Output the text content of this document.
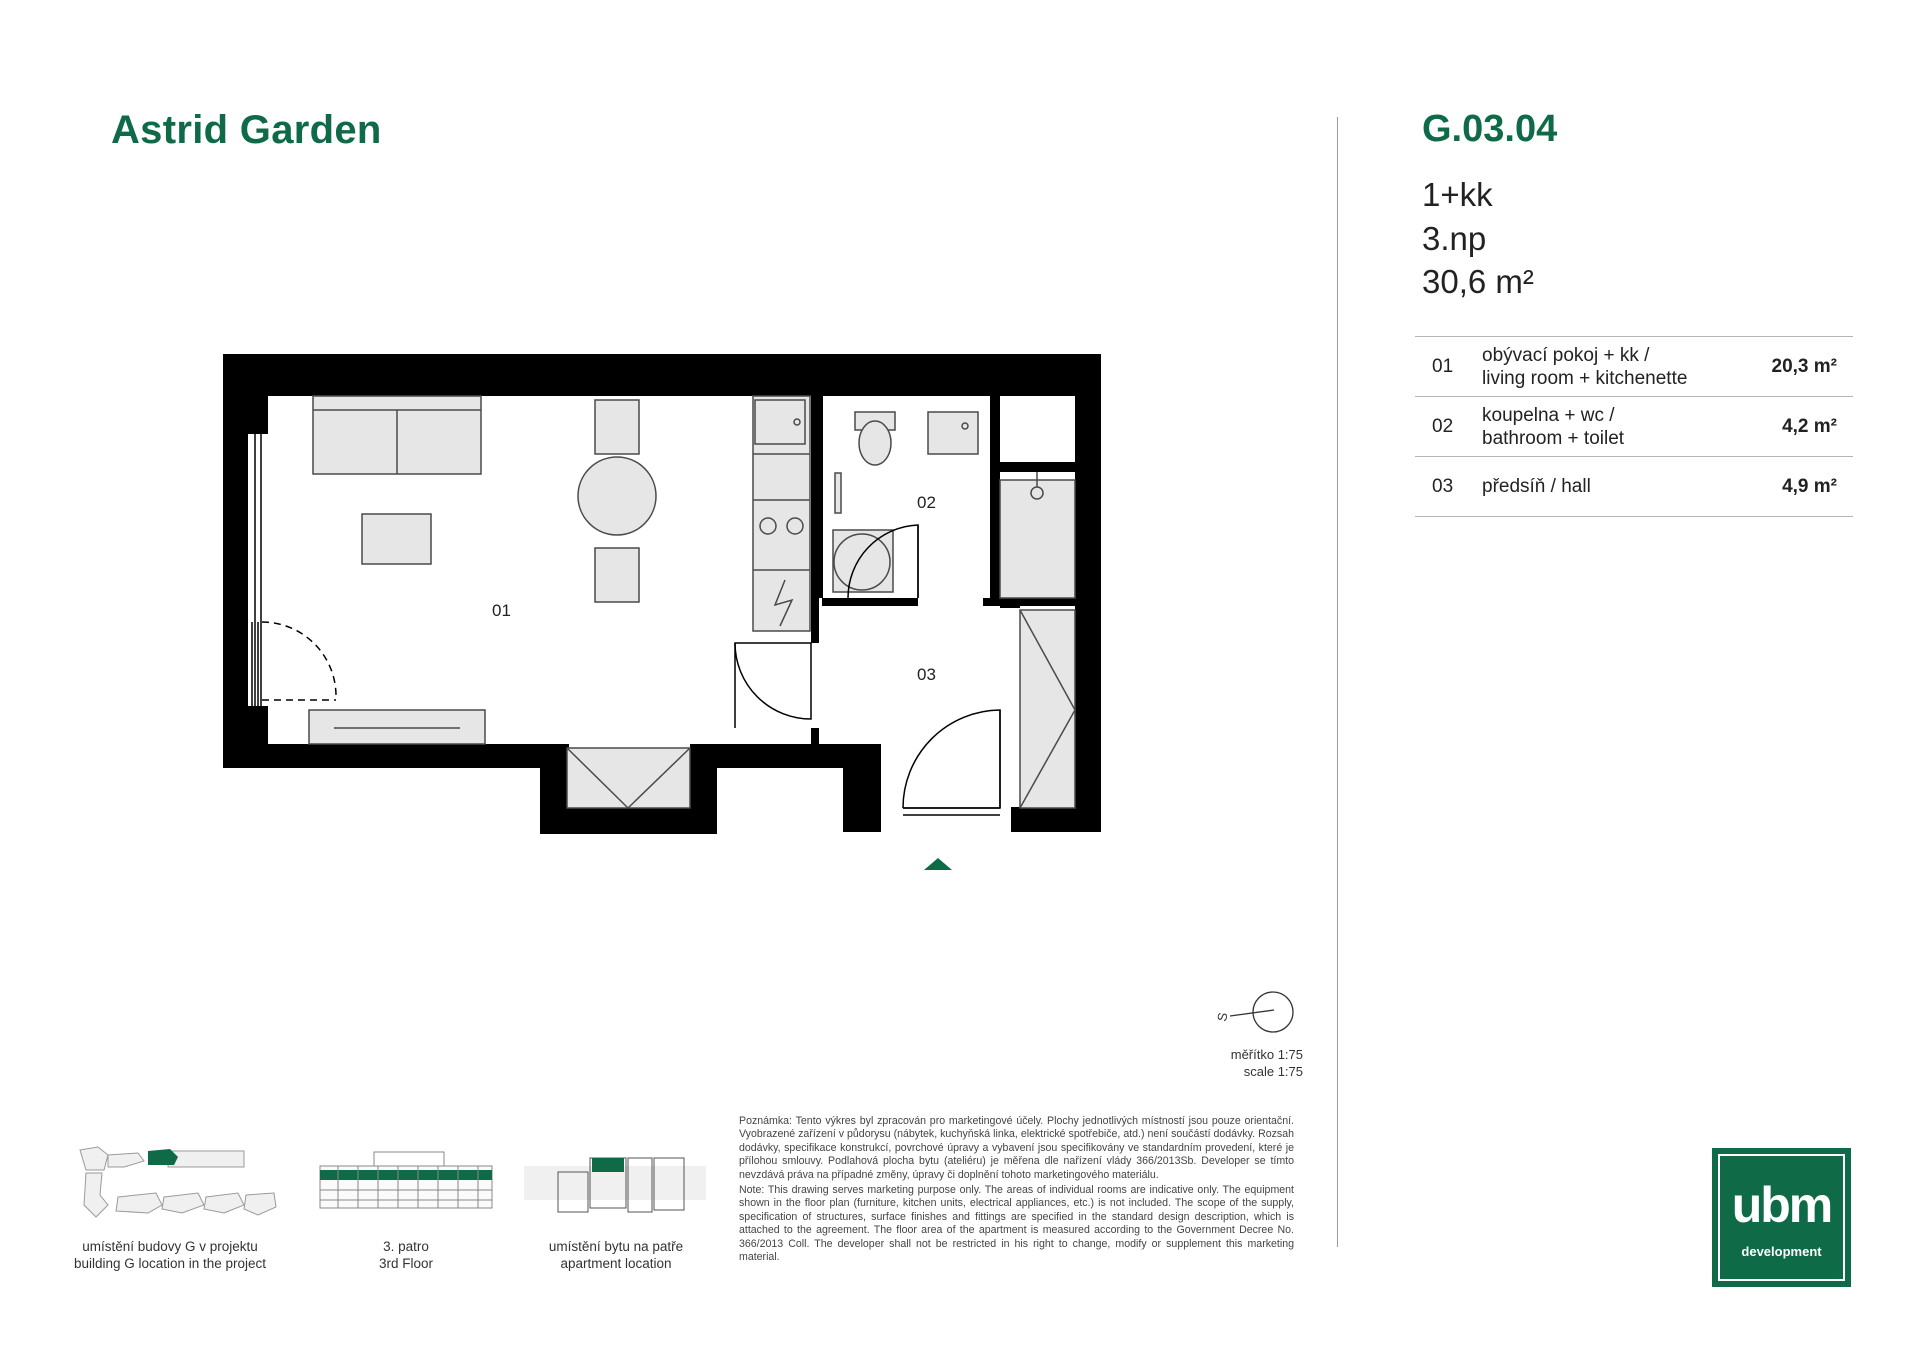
Astrid Garden	G.03.04
1+kk
3.np
30,6 m²
01	obývací pokoj + kk /
living room + kitchenette	20,3 m²
02	koupelna + wc /
bathroom + toilet	4,2 m²
03	předsíň / hall	4,9 m²
01
02
03
S
měřítko 1:75
scale 1:75
umístění budovy G v projektu
building G location in the project
3. patro
3rd Floor
umístění bytu na patře
apartment location

Poznámka: Tento výkres byl zpracován pro marketingové účely. Plochy jednotlivých místností jsou pouze orientační. Vyobrazené zařízení v půdorysu (nábytek, kuchyňská linka, elektrické spotřebiče, atd.) není součástí dodávky. Rozsah dodávky, specifikace konstrukcí, povrchové úpravy a vybavení jsou specifikovány ve standardním provedení, které je přílohou smlouvy. Podlahová plocha bytu (ateliéru) je měřena dle nařízení vlády 366/2013Sb. Developer se tímto nevzdává práva na případné změny, úpravy či doplnění tohoto marketingového materiálu.

Note: This drawing serves marketing purpose only. The areas of individual rooms are indicative only. The equipment shown in the floor plan (furniture, kitchen units, electrical appliances, etc.) is not included. The scope of the supply, specification of structures, surface finishes and fittings are specified in the standard design description, which is attached to the agreement. The floor area of the apartment is measured according to the Government Decree No. 366/2013 Coll. The developer shall not be restricted in his right to change, modify or supplement this marketing material.

ubm
development
